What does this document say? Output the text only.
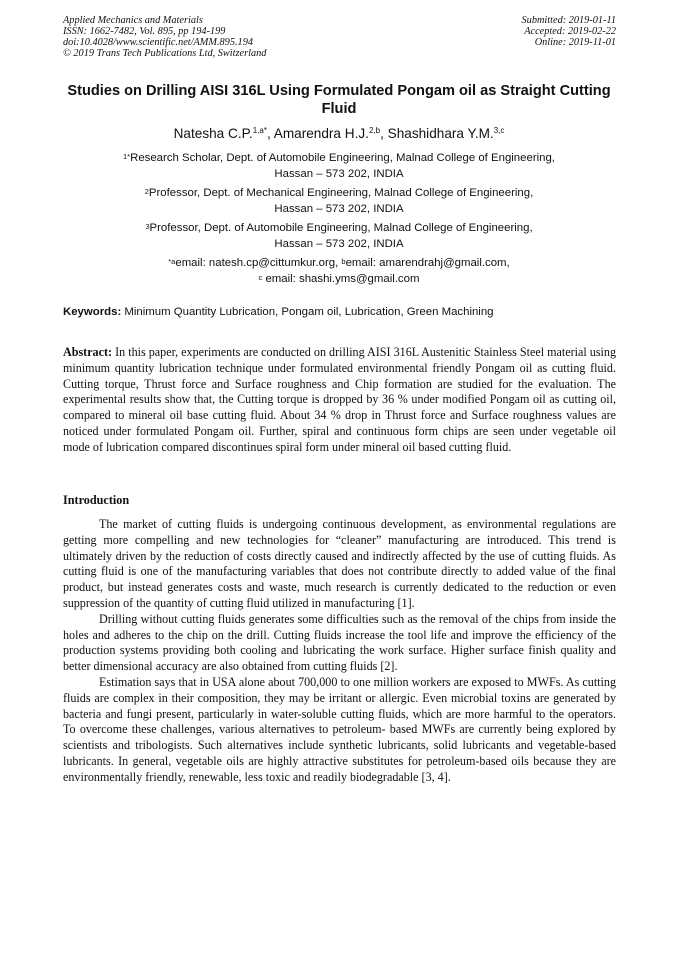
Applied Mechanics and Materials
ISSN: 1662-7482, Vol. 895, pp 194-199
doi:10.4028/www.scientific.net/AMM.895.194
© 2019 Trans Tech Publications Ltd, Switzerland
Submitted: 2019-01-11
Accepted: 2019-02-22
Online: 2019-11-01
Studies on Drilling AISI 316L Using Formulated Pongam oil as Straight Cutting Fluid
Natesha C.P.$^{1,a*}$, Amarendra H.J.$^{2,b}$, Shashidhara Y.M.$^{3,c}$
$^{1*}$Research Scholar, Dept. of Automobile Engineering, Malnad College of Engineering,
Hassan – 573 202, INDIA
$^2$Professor, Dept. of Mechanical Engineering, Malnad College of Engineering,
Hassan – 573 202, INDIA
$^3$Professor, Dept. of Automobile Engineering, Malnad College of Engineering,
Hassan – 573 202, INDIA
$^{*a}$email: natesh.cp@cittumkur.org, $^b$email: amarendrahj@gmail.com,
$^c$ email: shashi.yms@gmail.com
Keywords: Minimum Quantity Lubrication, Pongam oil, Lubrication, Green Machining

Abstract: In this paper, experiments are conducted on drilling AISI 316L Austenitic Stainless Steel material using minimum quantity lubrication technique under formulated environmental friendly Pongam oil as cutting fluid. Cutting torque, Thrust force and Surface roughness and Chip formation are studied for the evaluation. The experimental results show that, the Cutting torque is dropped by 36 % under modified Pongam oil as cutting oil, compared to mineral oil base cutting fluid. About 34 % drop in Thrust force and Surface roughness values are noticed under formulated Pongam oil. Further, spiral and continuous form chips are seen under vegetable oil mode of lubrication compared discontinues spiral form under mineral oil based cutting fluid.

Introduction

The market of cutting fluids is undergoing continuous development, as environmental regulations are getting more compelling and new technologies for “cleaner” manufacturing are introduced. This trend is ultimately driven by the reduction of costs directly caused and indirectly affected by the use of cutting fluids. As cutting fluid is one of the manufacturing variables that does not contribute directly to added value of the final product, but instead generates costs and waste, much research is currently dedicated to the reduction or even suppression of the quantity of cutting fluid utilized in manufacturing [1].

Drilling without cutting fluids generates some difficulties such as the removal of the chips from inside the holes and adheres to the chip on the drill. Cutting fluids increase the tool life and improve the efficiency of the production systems providing both cooling and lubricating the work surface. Higher surface finish quality and better dimensional accuracy are also obtained from cutting fluids [2].

Estimation says that in USA alone about 700,000 to one million workers are exposed to MWFs. As cutting fluids are complex in their composition, they may be irritant or allergic. Even microbial toxins are generated by bacteria and fungi present, particularly in water-soluble cutting fluids, which are more harmful to the operators. To overcome these challenges, various alternatives to petroleum- based MWFs are currently being explored by scientists and tribologists. Such alternatives include synthetic lubricants, solid lubricants and vegetable-based lubricants. In general, vegetable oils are highly attractive substitutes for petroleum-based oils because they are environmentally friendly, renewable, less toxic and readily biodegradable [3, 4].
